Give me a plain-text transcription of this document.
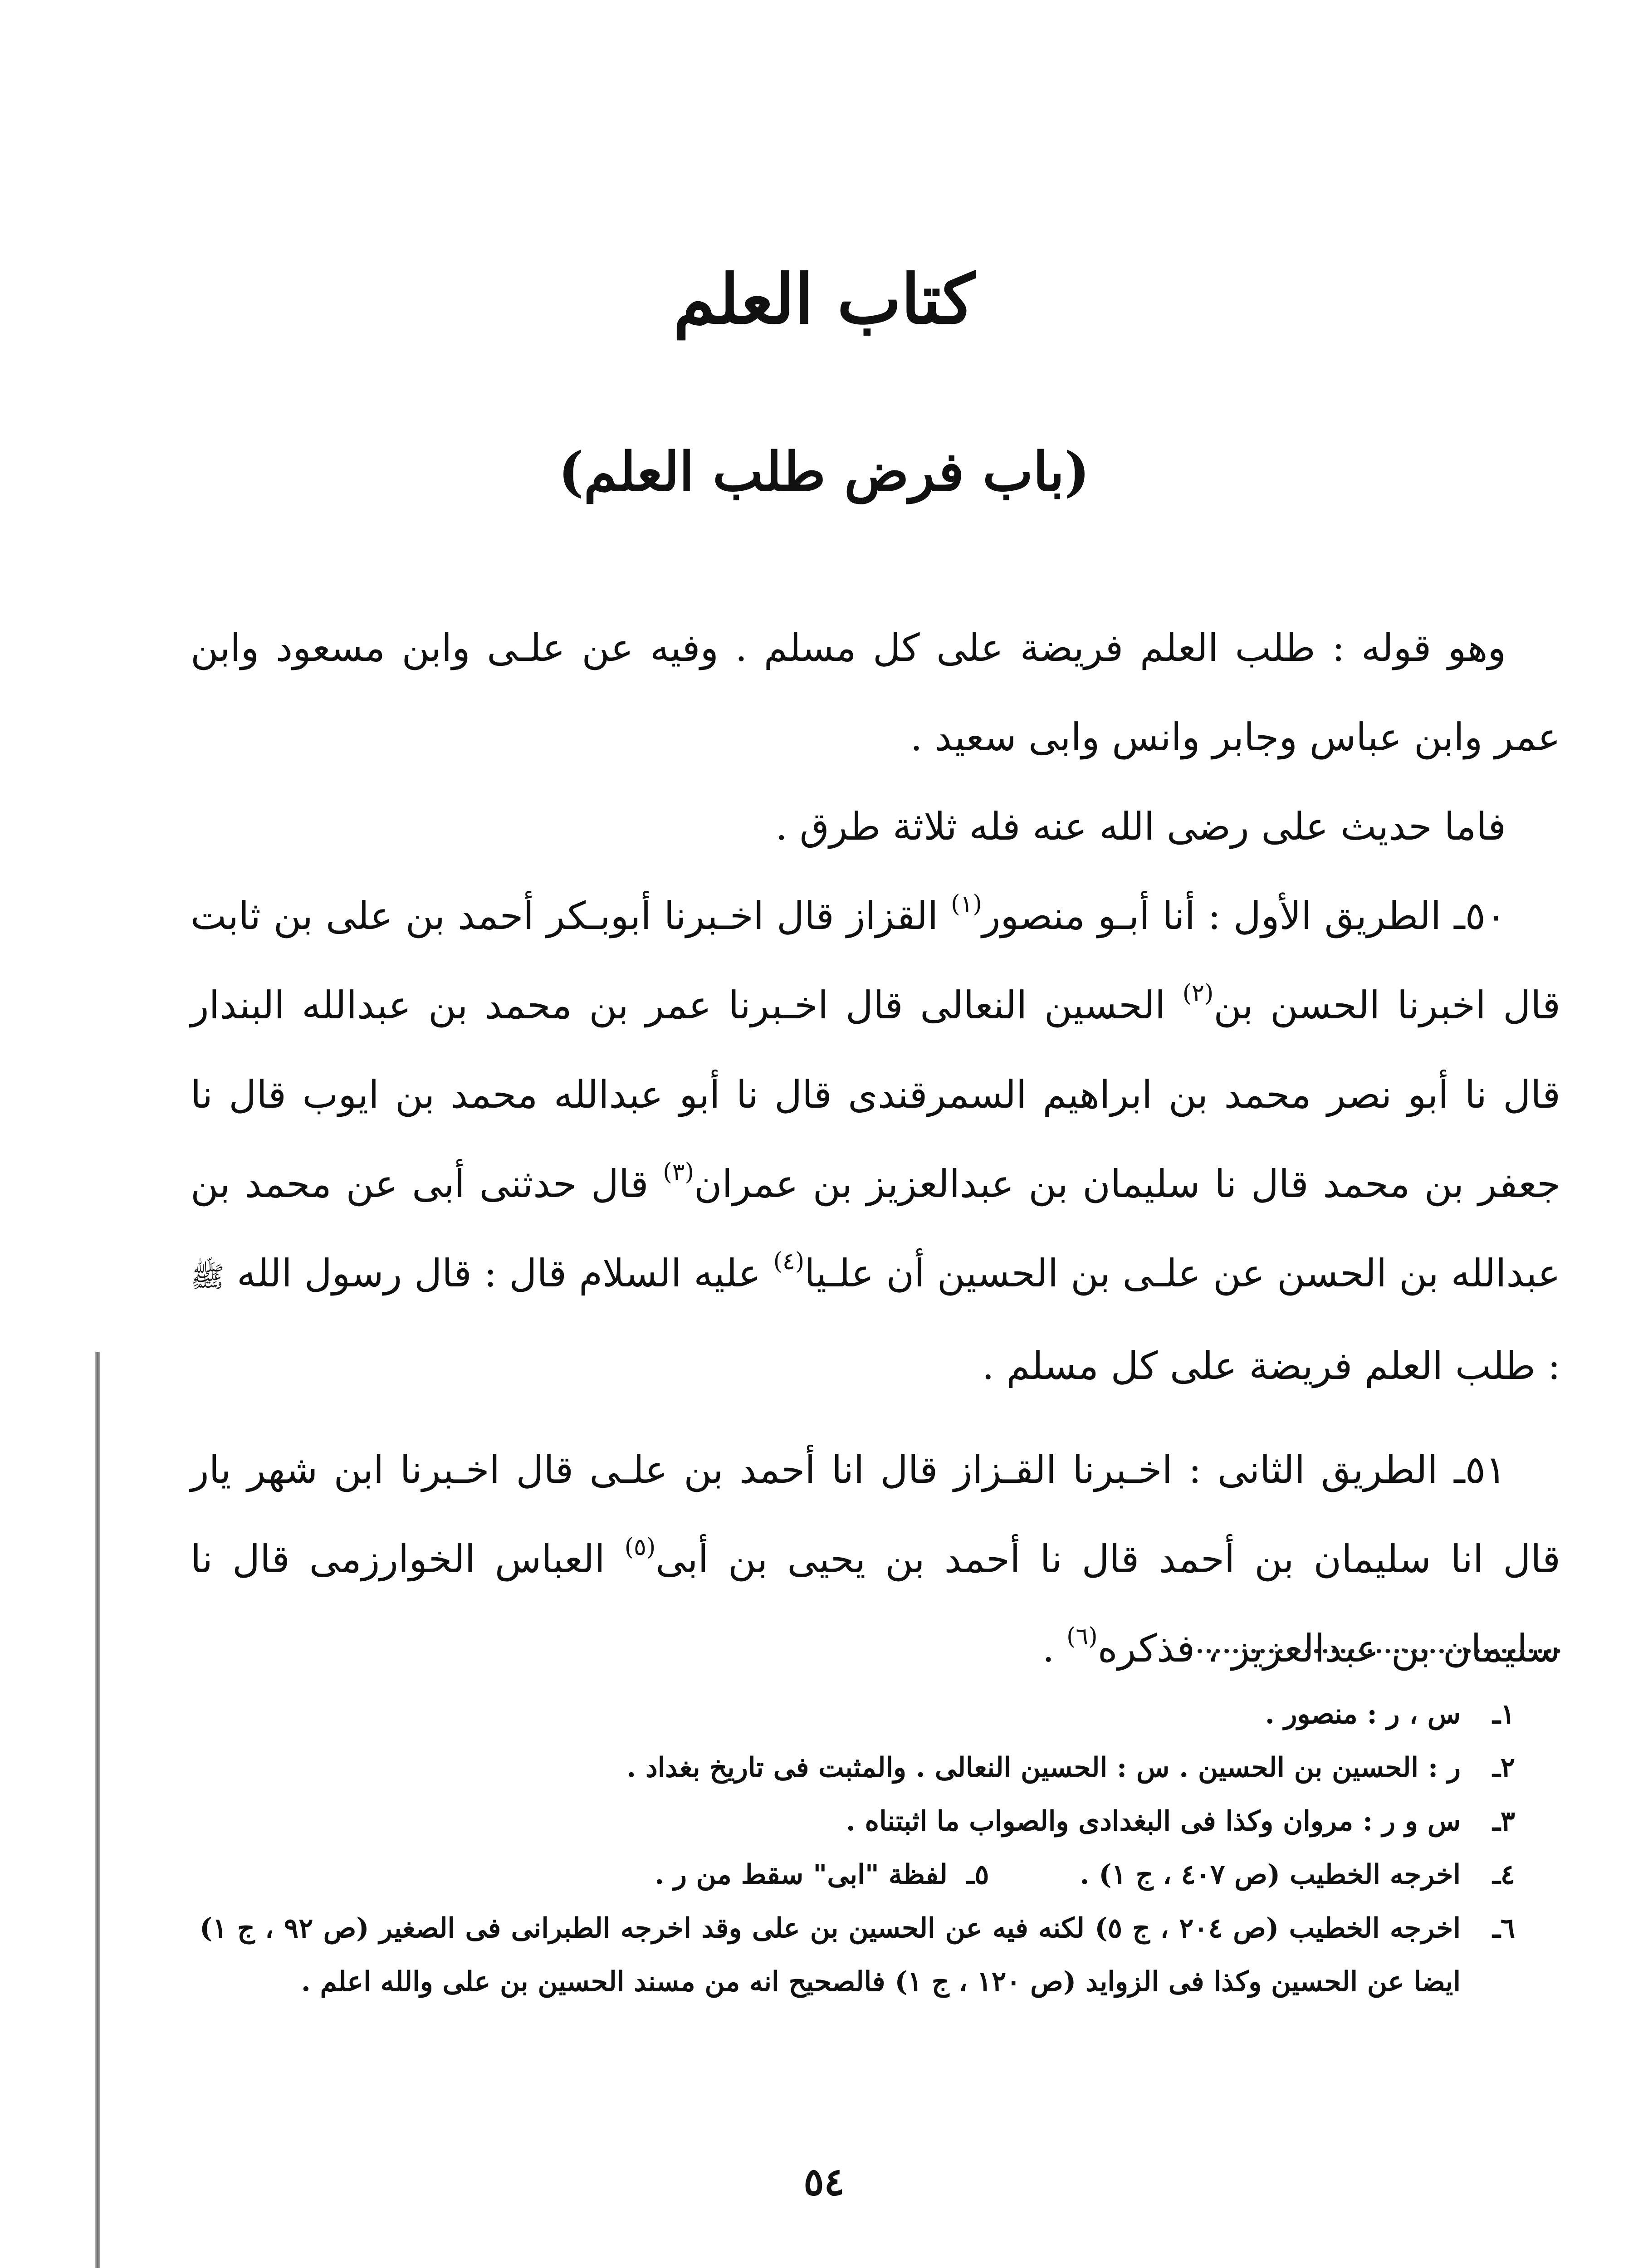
كتاب العلم
(باب فرض طلب العلم)

وهو قوله : طلب العلم فريضة على كل مسلم . وفيه عن علـى وابن مسعود وابن عمر وابن عباس وجابر وانس وابى سعيد .

فاما حديث على رضى الله عنه فله ثلاثة طرق .

٥٠ـ الطريق الأول : أنا أبـو منصور$^{(١)}$ القزاز قال اخـبرنا أبوبـكر أحمد بن على بن ثابت قال اخبرنا الحسن بن$^{(٢)}$ الحسين النعالى قال اخـبرنا عمر بن محمد بن عبدالله البندار قال نا أبو نصر محمد بن ابراهيم السمرقندى قال نا أبو عبدالله محمد بن ايوب قال نا جعفر بن محمد قال نا سليمان بن عبدالعزيز بن عمران$^{(٣)}$ قال حدثنى أبى عن محمد بن عبدالله بن الحسن عن علـى بن الحسين أن علـيا$^{(٤)}$ عليه السلام قال : قال رسول الله ﷺ : طلب العلم فريضة على كل مسلم .

٥١ـ الطريق الثانى : اخـبرنا القـزاز قال انا أحمد بن علـى قال اخـبرنا ابن شهر يار قال انا سليمان بن أحمد قال نا أحمد بن يحيى بن أبى$^{(٥)}$ العباس الخوارزمى قال نا سليمان بن عبدالعزيز ، فذكره$^{(٦)}$ .

١ـ
س ، ر : منصور .
٢ـ
ر : الحسين بن الحسين . س : الحسين النعالى . والمثبت فى تاريخ بغداد .
٣ـ
س و ر : مروان وكذا فى البغدادى والصواب ما اثبتناه .
٤ـ
اخرجه الخطيب (ص ٤٠٧ ، ج ١) .٥ـ  لفظة "ابى" سقط من ر .
٦ـ
اخرجه الخطيب (ص ٢٠٤ ، ج ٥) لكنه فيه عن الحسين بن على وقد اخرجه الطبرانى فى الصغير (ص ٩٢ ، ج ١) ايضا عن الحسين وكذا فى الزوايد (ص ١٢٠ ، ج ١) فالصحيح انه من مسند الحسين بن على والله اعلم .
٥٤
